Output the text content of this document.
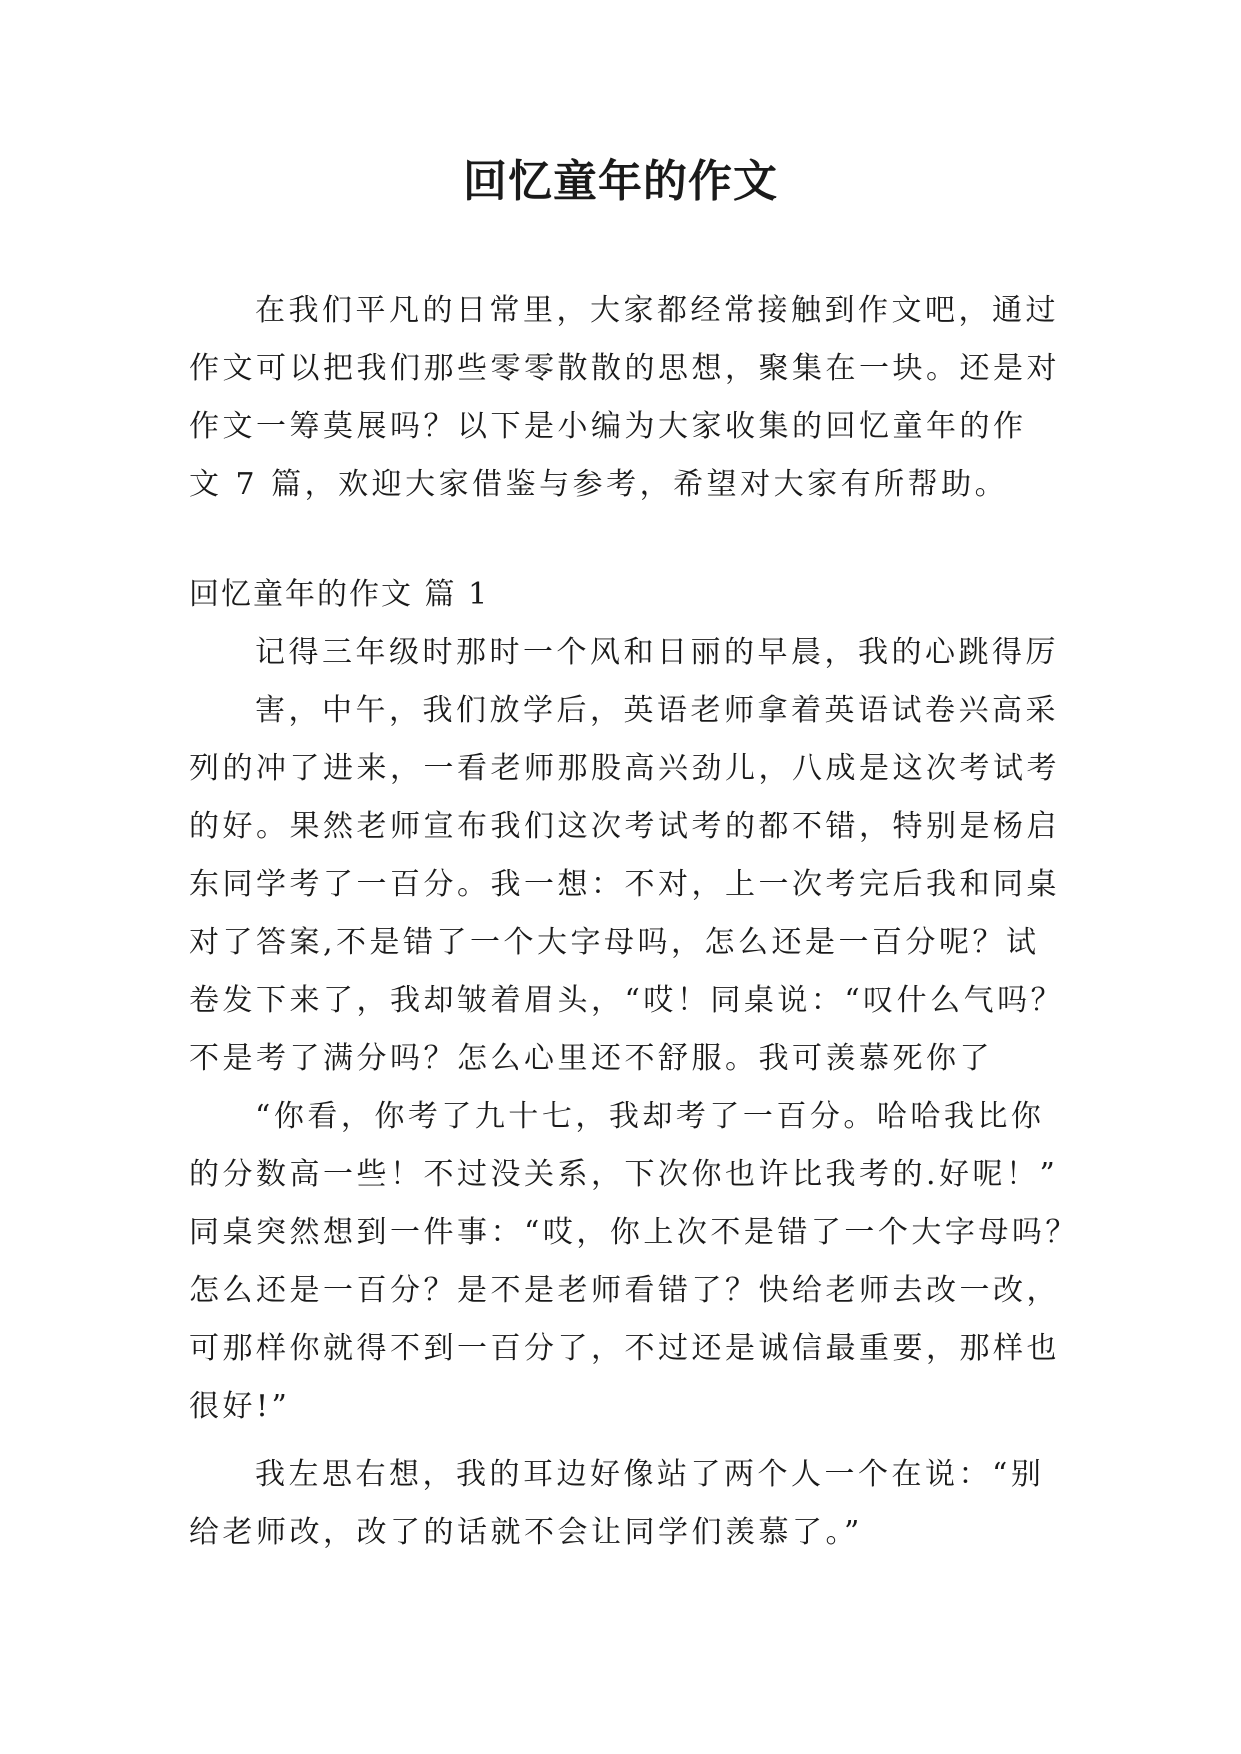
回忆童年的作文
在我们平凡的日常里，大家都经常接触到作文吧，通过
作文可以把我们那些零零散散的思想，聚集在一块。还是对
作文一筹莫展吗？以下是小编为大家收集的回忆童年的作
文 7 篇，欢迎大家借鉴与参考，希望对大家有所帮助。
回忆童年的作文 篇 1
记得三年级时那时一个风和日丽的早晨，我的心跳得厉
害，中午，我们放学后，英语老师拿着英语试卷兴高采
列的冲了进来，一看老师那股高兴劲儿，八成是这次考试考
的好。果然老师宣布我们这次考试考的都不错，特别是杨启
东同学考了一百分。我一想：不对，上一次考完后我和同桌
对了答案,不是错了一个大字母吗，怎么还是一百分呢？试
卷发下来了，我却皱着眉头，“哎！同桌说：“叹什么气吗？
不是考了满分吗？怎么心里还不舒服。我可羡慕死你了
“你看，你考了九十七，我却考了一百分。哈哈我比你
的分数高一些！不过没关系，下次你也许比我考的.好呢！”
同桌突然想到一件事：“哎，你上次不是错了一个大字母吗？
怎么还是一百分？是不是老师看错了？快给老师去改一改，
可那样你就得不到一百分了，不过还是诚信最重要，那样也
很好!”
我左思右想，我的耳边好像站了两个人一个在说：“别
给老师改，改了的话就不会让同学们羡慕了。”
